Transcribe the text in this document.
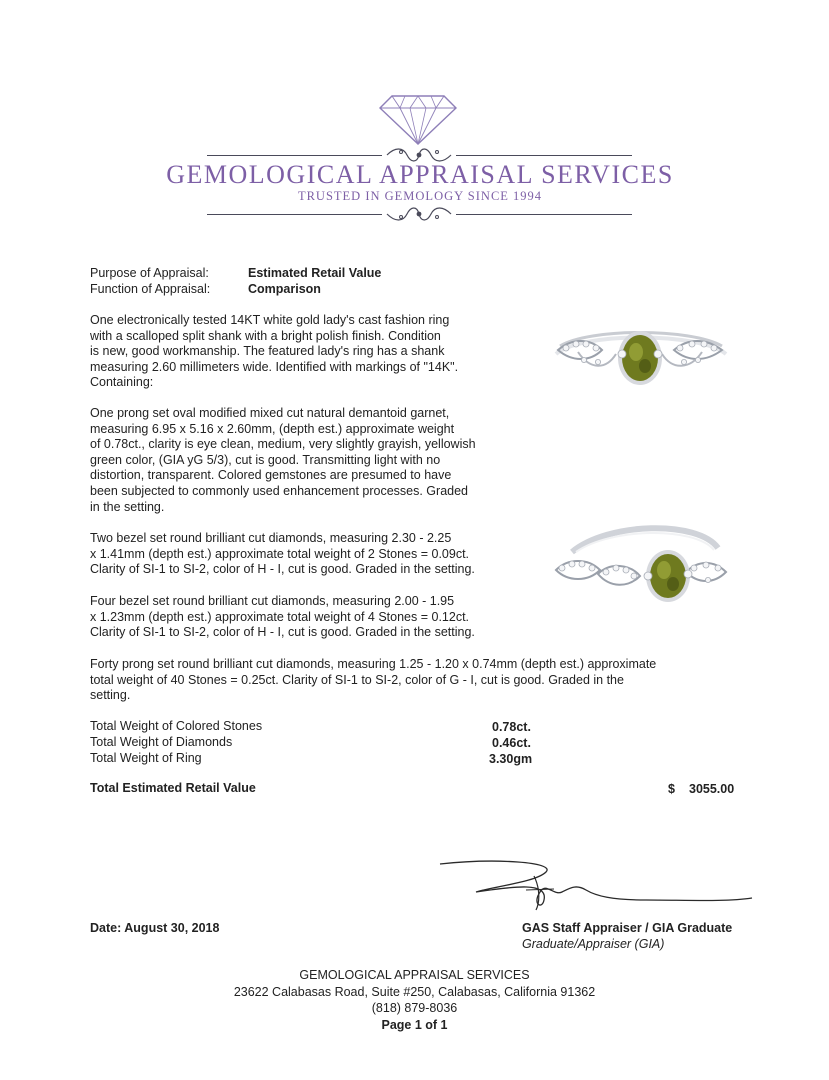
GEMOLOGICAL APPRAISAL SERVICES
TRUSTED IN GEMOLOGY SINCE 1994
Purpose of Appraisal:	Estimated Retail Value
Function of Appraisal:	Comparison
One electronically tested 14KT white gold lady's cast fashion ring
with a scalloped split shank with a bright polish finish. Condition
is new, good workmanship. The featured lady's ring has a shank
measuring 2.60 millimeters wide. Identified with markings of "14K".
Containing:
One prong set oval modified mixed cut natural demantoid garnet,
measuring 6.95 x 5.16 x 2.60mm, (depth est.) approximate weight
of 0.78ct., clarity is eye clean, medium, very slightly grayish, yellowish
green color, (GIA yG 5/3), cut is good. Transmitting light with no
distortion, transparent. Colored gemstones are presumed to have
been subjected to commonly used enhancement processes. Graded
in the setting.
Two bezel set round brilliant cut diamonds, measuring 2.30 - 2.25
x 1.41mm (depth est.) approximate total weight of 2 Stones = 0.09ct.
Clarity of SI-1 to SI-2, color of H - I, cut is good. Graded in the setting.
Four bezel set round brilliant cut diamonds, measuring 2.00 - 1.95
x 1.23mm (depth est.) approximate total weight of 4 Stones = 0.12ct.
Clarity of SI-1 to SI-2, color of H - I, cut is good. Graded in the setting.
Forty prong set round brilliant cut diamonds, measuring 1.25 - 1.20 x 0.74mm (depth est.) approximate
total weight of 40 Stones = 0.25ct. Clarity of SI-1 to SI-2, color of G - I, cut is good. Graded in the
setting.
Total Weight of Colored Stones	0.78ct.
Total Weight of Diamonds	0.46ct.
Total Weight of Ring	3.30gm
Total Estimated Retail Value	$ 3055.00
Date: August 30, 2018	GAS Staff Appraiser / GIA Graduate
Graduate/Appraiser (GIA)
GEMOLOGICAL APPRAISAL SERVICES
23622 Calabasas Road, Suite #250, Calabasas, California 91362
(818) 879-8036
Page 1 of 1
